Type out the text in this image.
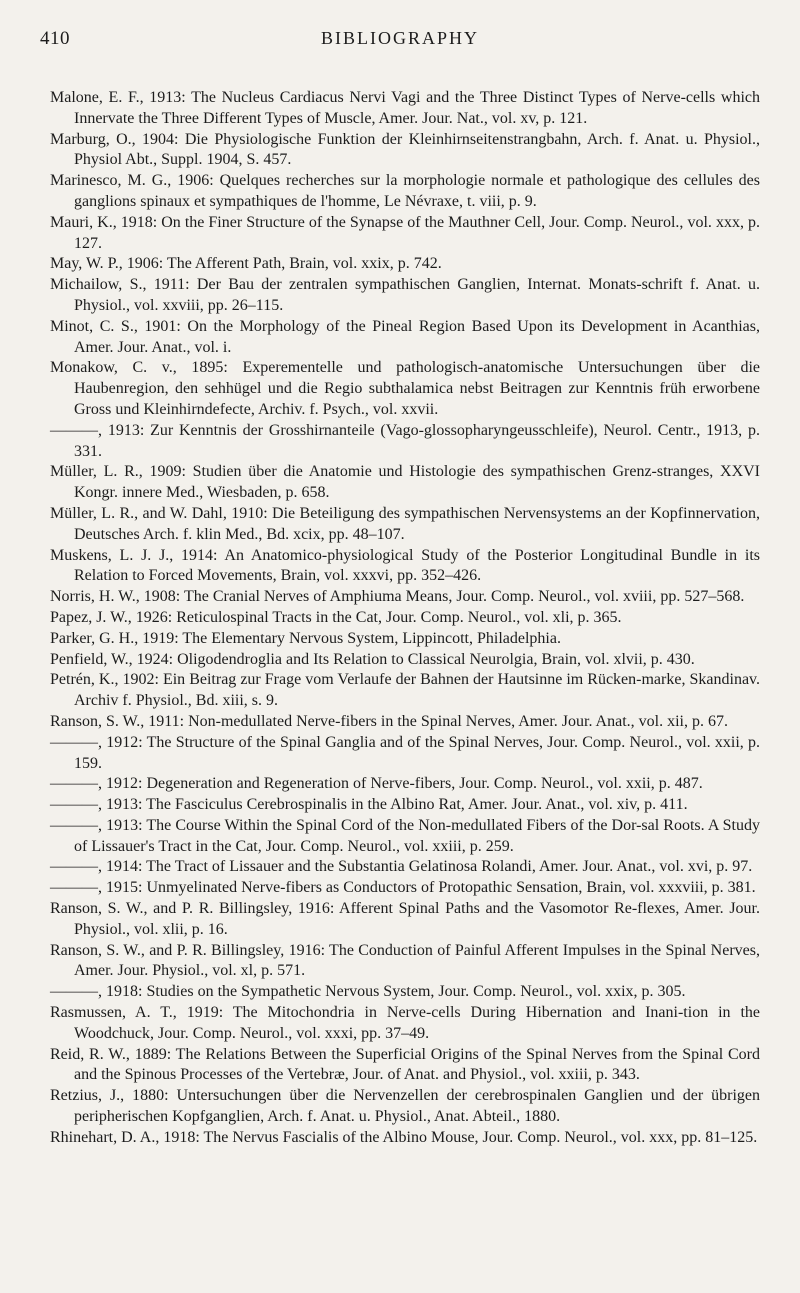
410	BIBLIOGRAPHY

Malone, E. F., 1913: The Nucleus Cardiacus Nervi Vagi and the Three Distinct Types of Nerve-cells which Innervate the Three Different Types of Muscle, Amer. Jour. Nat., vol. xv, p. 121.

Marburg, O., 1904: Die Physiologische Funktion der Kleinhirnseitenstrangbahn, Arch. f. Anat. u. Physiol., Physiol Abt., Suppl. 1904, S. 457.

Marinesco, M. G., 1906: Quelques recherches sur la morphologie normale et pathologique des cellules des ganglions spinaux et sympathiques de l'homme, Le Névraxe, t. viii, p. 9.

Mauri, K., 1918: On the Finer Structure of the Synapse of the Mauthner Cell, Jour. Comp. Neurol., vol. xxx, p. 127.

May, W. P., 1906: The Afferent Path, Brain, vol. xxix, p. 742.

Michailow, S., 1911: Der Bau der zentralen sympathischen Ganglien, Internat. Monats-schrift f. Anat. u. Physiol., vol. xxviii, pp. 26–115.

Minot, C. S., 1901: On the Morphology of the Pineal Region Based Upon its Development in Acanthias, Amer. Jour. Anat., vol. i.

Monakow, C. v., 1895: Experementelle und pathologisch-anatomische Untersuchungen über die Haubenregion, den sehhügel und die Regio subthalamica nebst Beitragen zur Kenntnis früh erworbene Gross und Kleinhirndefecte, Archiv. f. Psych., vol. xxvii.

———, 1913: Zur Kenntnis der Grosshirnanteile (Vago-glossopharyngeusschleife), Neurol. Centr., 1913, p. 331.

Müller, L. R., 1909: Studien über die Anatomie und Histologie des sympathischen Grenz-stranges, XXVI Kongr. innere Med., Wiesbaden, p. 658.

Müller, L. R., and W. Dahl, 1910: Die Beteiligung des sympathischen Nervensystems an der Kopfinnervation, Deutsches Arch. f. klin Med., Bd. xcix, pp. 48–107.

Muskens, L. J. J., 1914: An Anatomico-physiological Study of the Posterior Longitudinal Bundle in its Relation to Forced Movements, Brain, vol. xxxvi, pp. 352–426.

Norris, H. W., 1908: The Cranial Nerves of Amphiuma Means, Jour. Comp. Neurol., vol. xviii, pp. 527–568.

Papez, J. W., 1926: Reticulospinal Tracts in the Cat, Jour. Comp. Neurol., vol. xli, p. 365.

Parker, G. H., 1919: The Elementary Nervous System, Lippincott, Philadelphia.

Penfield, W., 1924: Oligodendroglia and Its Relation to Classical Neurolgia, Brain, vol. xlvii, p. 430.

Petrén, K., 1902: Ein Beitrag zur Frage vom Verlaufe der Bahnen der Hautsinne im Rücken-marke, Skandinav. Archiv f. Physiol., Bd. xiii, s. 9.

Ranson, S. W., 1911: Non-medullated Nerve-fibers in the Spinal Nerves, Amer. Jour. Anat., vol. xii, p. 67.

———, 1912: The Structure of the Spinal Ganglia and of the Spinal Nerves, Jour. Comp. Neurol., vol. xxii, p. 159.

———, 1912: Degeneration and Regeneration of Nerve-fibers, Jour. Comp. Neurol., vol. xxii, p. 487.

———, 1913: The Fasciculus Cerebrospinalis in the Albino Rat, Amer. Jour. Anat., vol. xiv, p. 411.

———, 1913: The Course Within the Spinal Cord of the Non-medullated Fibers of the Dor-sal Roots. A Study of Lissauer's Tract in the Cat, Jour. Comp. Neurol., vol. xxiii, p. 259.

———, 1914: The Tract of Lissauer and the Substantia Gelatinosa Rolandi, Amer. Jour. Anat., vol. xvi, p. 97.

———, 1915: Unmyelinated Nerve-fibers as Conductors of Protopathic Sensation, Brain, vol. xxxviii, p. 381.

Ranson, S. W., and P. R. Billingsley, 1916: Afferent Spinal Paths and the Vasomotor Re-flexes, Amer. Jour. Physiol., vol. xlii, p. 16.

Ranson, S. W., and P. R. Billingsley, 1916: The Conduction of Painful Afferent Impulses in the Spinal Nerves, Amer. Jour. Physiol., vol. xl, p. 571.

———, 1918: Studies on the Sympathetic Nervous System, Jour. Comp. Neurol., vol. xxix, p. 305.

Rasmussen, A. T., 1919: The Mitochondria in Nerve-cells During Hibernation and Inani-tion in the Woodchuck, Jour. Comp. Neurol., vol. xxxi, pp. 37–49.

Reid, R. W., 1889: The Relations Between the Superficial Origins of the Spinal Nerves from the Spinal Cord and the Spinous Processes of the Vertebræ, Jour. of Anat. and Physiol., vol. xxiii, p. 343.

Retzius, J., 1880: Untersuchungen über die Nervenzellen der cerebrospinalen Ganglien und der übrigen peripherischen Kopfganglien, Arch. f. Anat. u. Physiol., Anat. Abteil., 1880.

Rhinehart, D. A., 1918: The Nervus Fascialis of the Albino Mouse, Jour. Comp. Neurol., vol. xxx, pp. 81–125.
